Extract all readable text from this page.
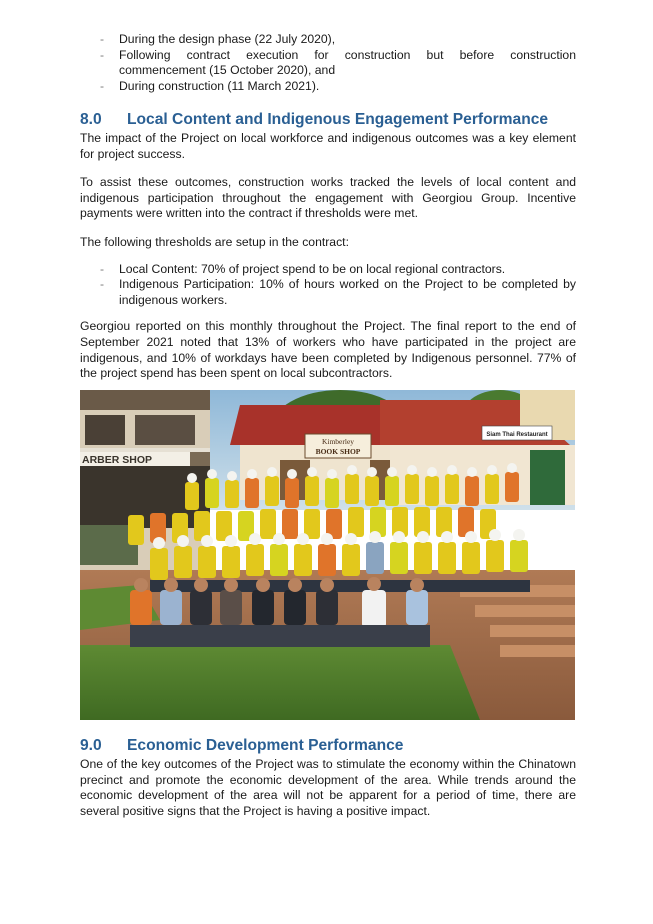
- During the design phase (22 July 2020),
- Following contract execution for construction but before construction commencement (15 October 2020), and
- During construction (11 March 2021).
8.0 Local Content and Indigenous Engagement Performance

The impact of the Project on local workforce and indigenous outcomes was a key element for project success.

To assist these outcomes, construction works tracked the levels of local content and indigenous participation throughout the engagement with Georgiou Group. Incentive payments were written into the contract if thresholds were met.

The following thresholds are setup in the contract:

- Local Content: 70% of project spend to be on local regional contractors.
- Indigenous Participation: 10% of hours worked on the Project to be completed by indigenous workers.

Georgiou reported on this monthly throughout the Project. The final report to the end of September 2021 noted that 13% of workers who have participated in the project are indigenous, and 10% of workdays have been completed by Indigenous personnel. 77% of the project spend has been spent on local subcontractors.

ARBER SHOP
Kimberley
BOOK SHOP
Siam Thai Restaurant
9.0 Economic Development Performance

One of the key outcomes of the Project was to stimulate the economy within the Chinatown precinct and promote the economic development of the area. While trends around the economic development of the area will not be apparent for a period of time, there are several positive signs that the Project is having a positive impact.
